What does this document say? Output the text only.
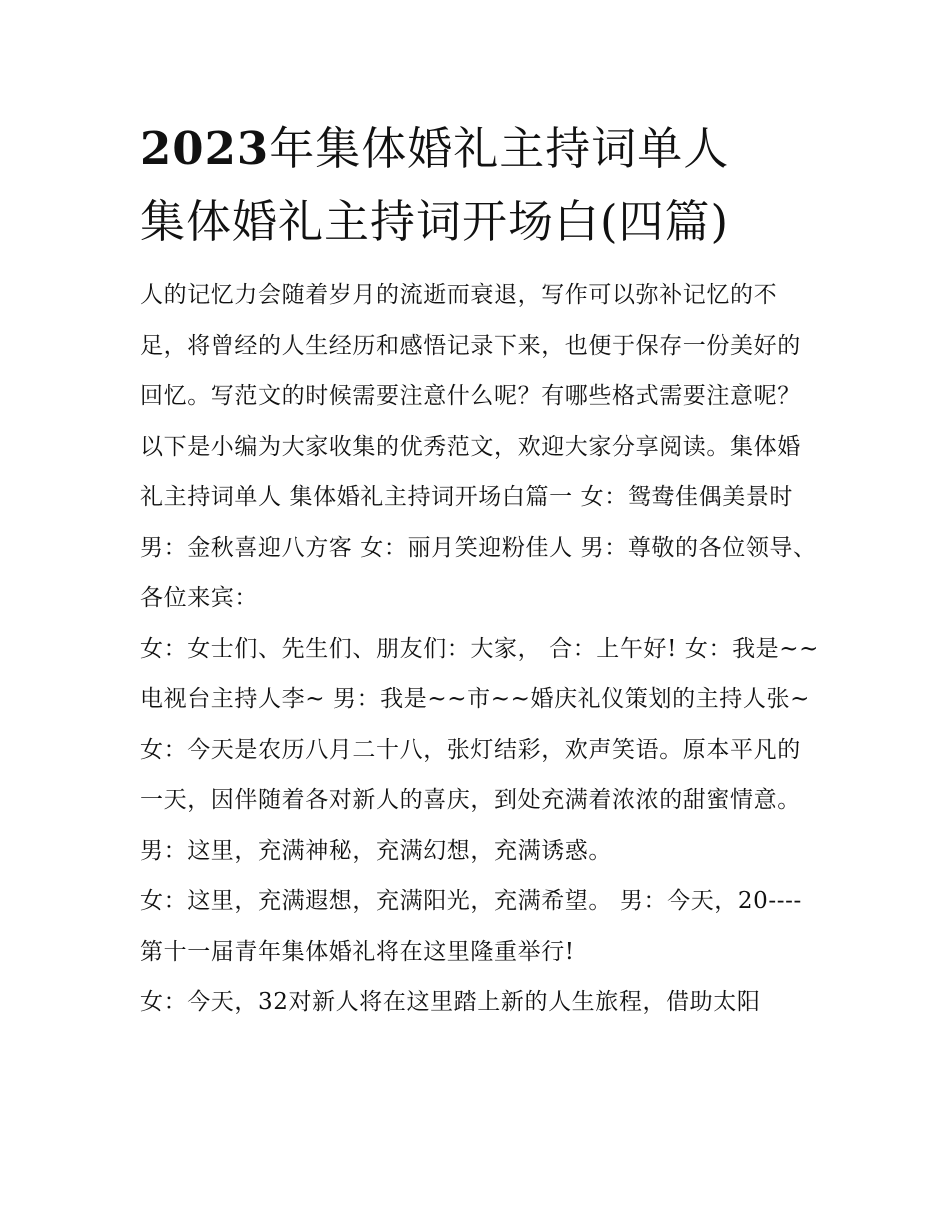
2023年集体婚礼主持词单人
集体婚礼主持词开场白(四篇)

人的记忆力会随着岁月的流逝而衰退，写作可以弥补记忆的不足，将曾经的人生经历和感悟记录下来，也便于保存一份美好的回忆。写范文的时候需要注意什么呢？有哪些格式需要注意呢？以下是小编为大家收集的优秀范文，欢迎大家分享阅读。集体婚礼主持词单人 集体婚礼主持词开场白篇一 女：鸳鸯佳偶美景时 男：金秋喜迎八方客 女：丽月笑迎粉佳人 男：尊敬的各位领导、各位来宾：

女：女士们、先生们、朋友们：大家， 合：上午好! 女：我是~~电视台主持人李~ 男：我是~~市~~婚庆礼仪策划的主持人张~

女：今天是农历八月二十八，张灯结彩，欢声笑语。原本平凡的一天，因伴随着各对新人的喜庆，到处充满着浓浓的甜蜜情意。 男：这里，充满神秘，充满幻想，充满诱惑。

女：这里，充满遐想，充满阳光，充满希望。 男：今天，20----第十一届青年集体婚礼将在这里隆重举行!

女：今天，32对新人将在这里踏上新的人生旅程，借助太阳
